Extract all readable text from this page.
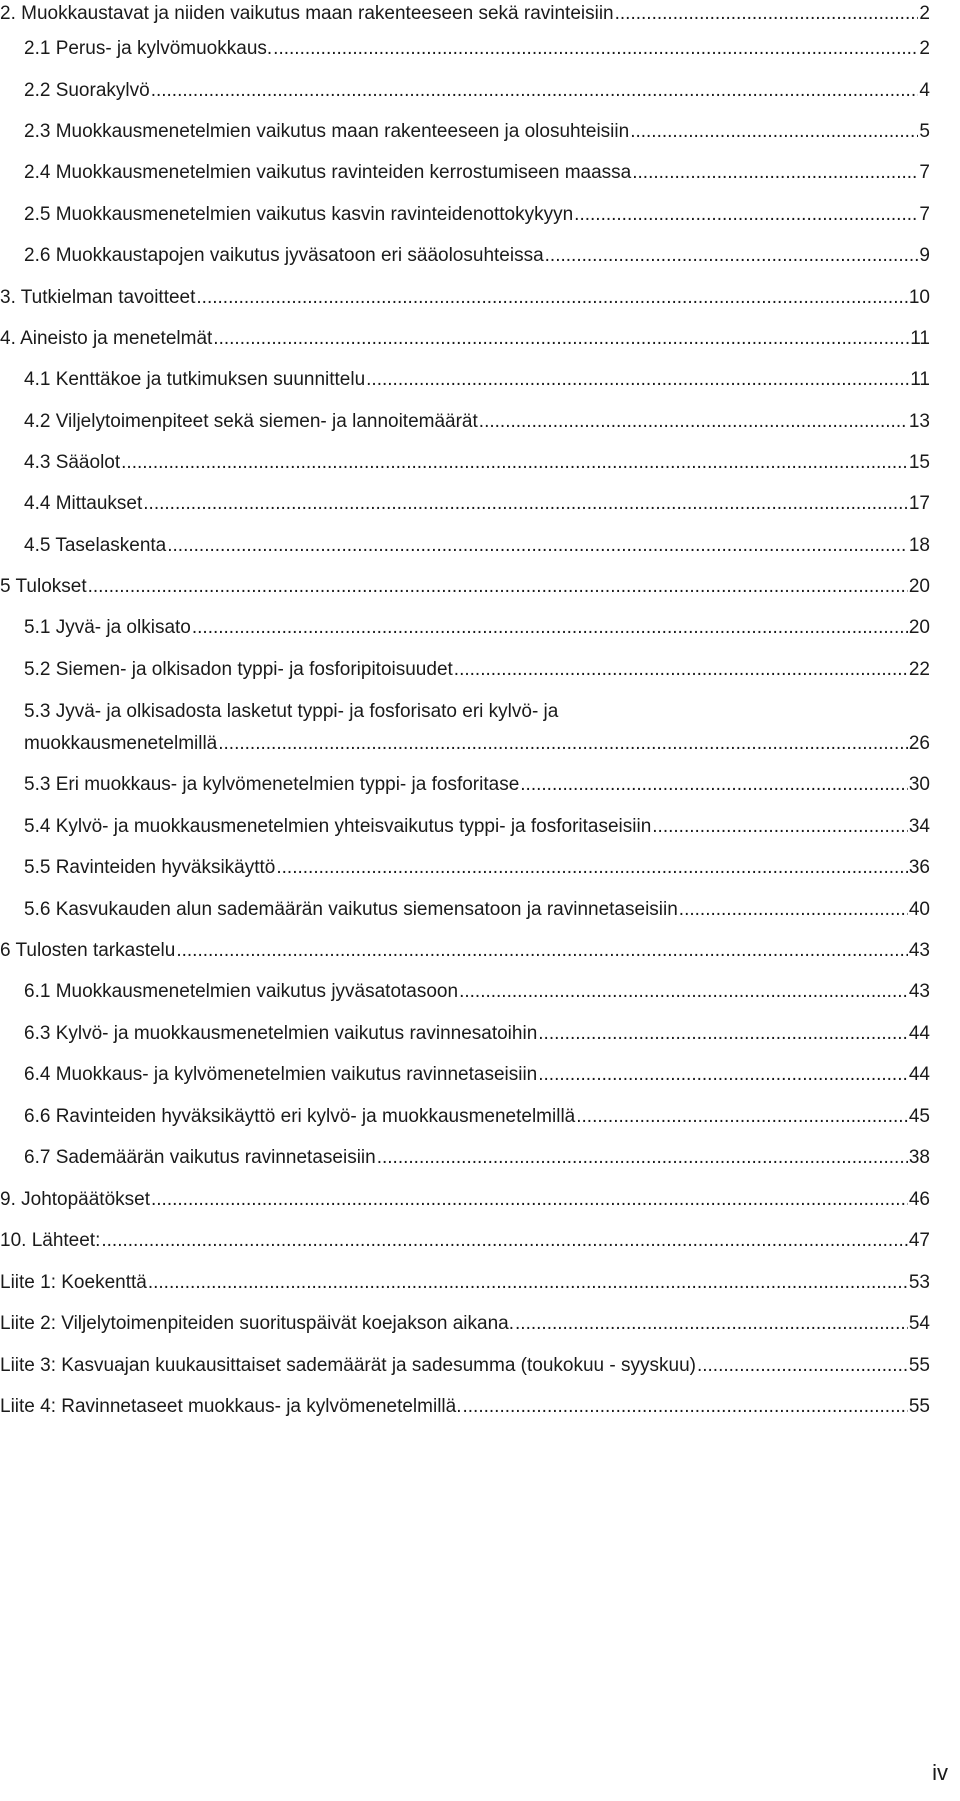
2. Muokkaustavat ja niiden vaikutus maan rakenteeseen sekä ravinteisiin .....	2
2.1 Perus- ja kylvömuokkaus. .....	2
2.2 Suorakylvö .....	4
2.3 Muokkausmenetelmien vaikutus maan rakenteeseen ja olosuhteisiin .....	5
2.4 Muokkausmenetelmien vaikutus ravinteiden kerrostumiseen maassa .....	7
2.5 Muokkausmenetelmien vaikutus kasvin ravinteidenottokykyyn .....	7
2.6 Muokkaustapojen vaikutus jyväsatoon eri sääolosuhteissa .....	9
3. Tutkielman tavoitteet .....	10
4. Aineisto ja menetelmät .....	11
4.1 Kenttäkoe ja tutkimuksen suunnittelu .....	11
4.2 Viljelytoimenpiteet sekä siemen- ja lannoitemäärät .....	13
4.3 Sääolot .....	15
4.4 Mittaukset .....	17
4.5 Taselaskenta .....	18
5 Tulokset .....	20
5.1 Jyvä- ja olkisato .....	20
5.2 Siemen- ja olkisadon typpi- ja fosforipitoisuudet .....	22
5.3 Jyvä- ja olkisadosta lasketut typpi- ja fosforisato eri kylvö- ja
muokkausmenetelmillä .....	26
5.3 Eri muokkaus- ja kylvömenetelmien typpi- ja fosforitase .....	30
5.4 Kylvö- ja muokkausmenetelmien yhteisvaikutus typpi- ja fosforitaseisiin .....	34
5.5 Ravinteiden hyväksikäyttö .....	36
5.6 Kasvukauden alun sademäärän vaikutus siemensatoon ja ravinnetaseisiin .....	40
6 Tulosten tarkastelu .....	43
6.1 Muokkausmenetelmien vaikutus jyväsatotasoon .....	43
6.3 Kylvö- ja muokkausmenetelmien vaikutus ravinnesatoihin .....	44
6.4 Muokkaus- ja kylvömenetelmien vaikutus ravinnetaseisiin .....	44
6.6 Ravinteiden hyväksikäyttö eri kylvö- ja muokkausmenetelmillä .....	45
6.7 Sademäärän vaikutus ravinnetaseisiin .....	38
9. Johtopäätökset .....	46
10. Lähteet: .....	47
Liite 1: Koekenttä .....	53
Liite 2: Viljelytoimenpiteiden suorituspäivät koejakson aikana. .....	54
Liite 3: Kasvuajan kuukausittaiset sademäärät ja sadesumma (toukokuu - syyskuu) .....	55
Liite 4: Ravinnetaseet muokkaus- ja kylvömenetelmillä. .....	55
iv
